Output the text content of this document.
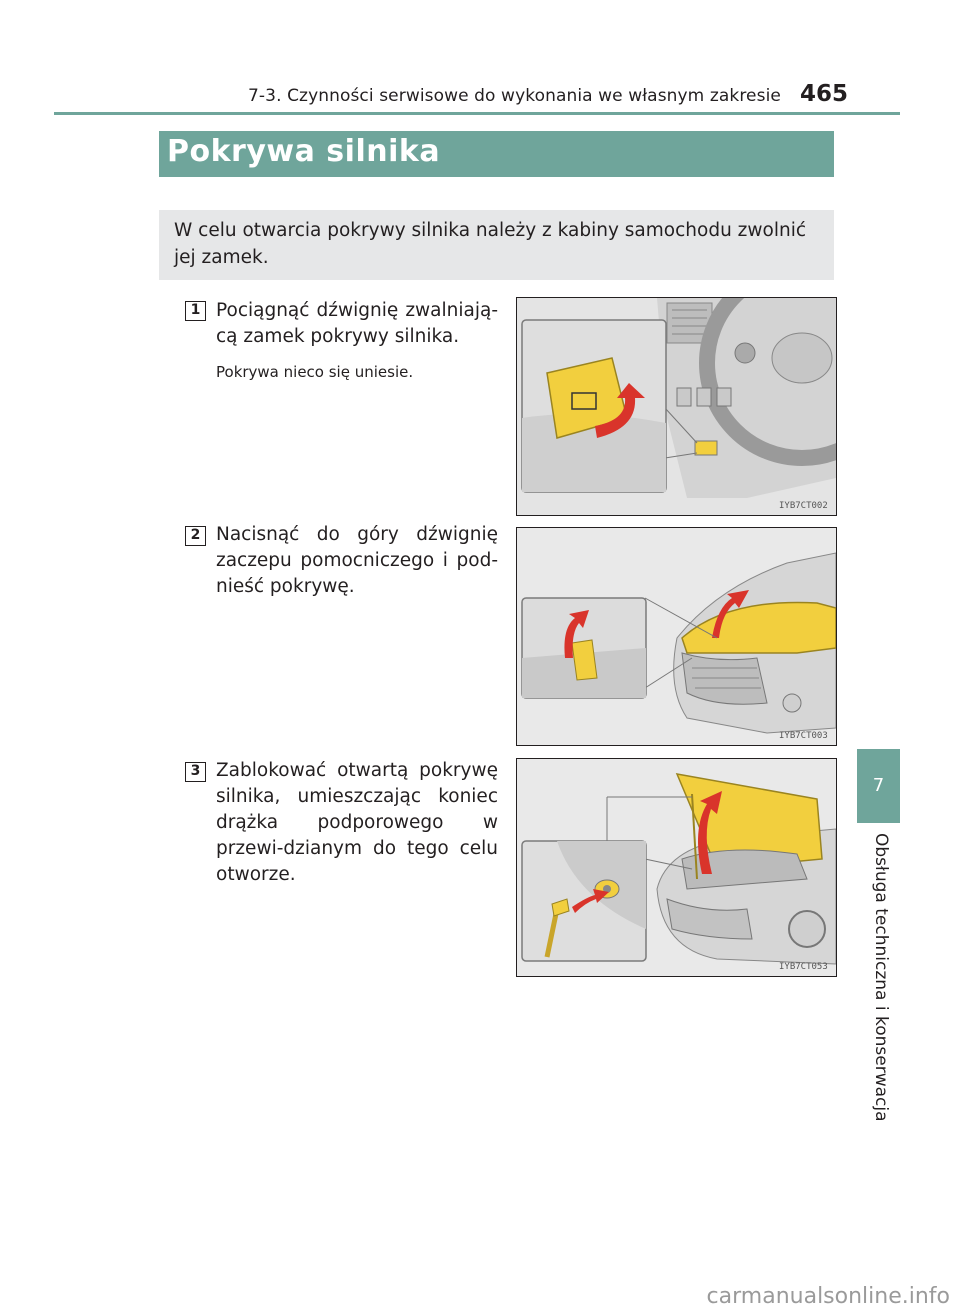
7-3. Czynności serwisowe do wykonania we własnym zakresie 465
Pokrywa silnika
W celu otwarcia pokrywy silnika należy z kabiny samochodu zwolnić jej zamek.
1 Pociągnąć dźwignię zwalniają-cą zamek pokrywy silnika.
Pokrywa nieco się uniesie.
IYB7CT002
2 Nacisnąć do góry dźwignię zaczepu pomocniczego i pod-nieść pokrywę.
IYB7CT003
3 Zablokować otwartą pokrywę silnika, umieszczając koniec drążka podporowego w przewi-dzianym do tego celu otworze.
IYB7CT053
7
Obsługa techniczna i konserwacja
carmanualsonline.info
